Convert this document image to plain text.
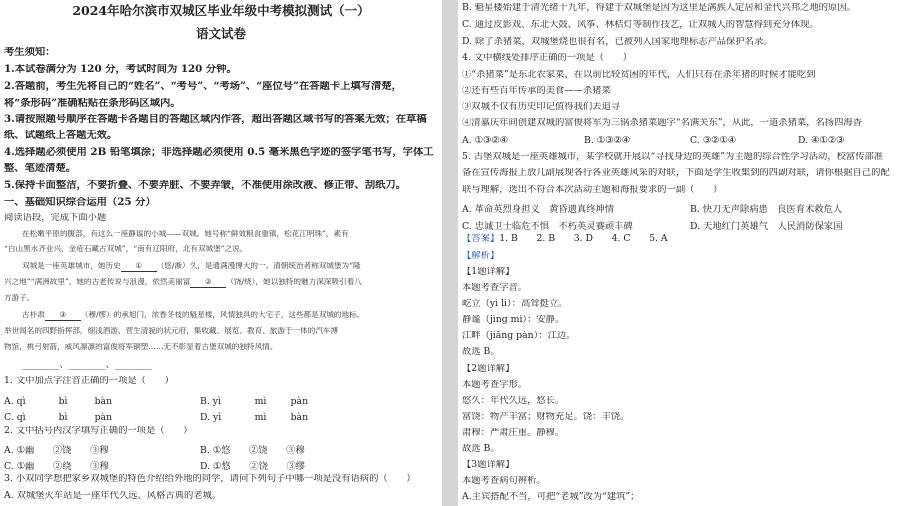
2024年哈尔滨市双城区毕业年级中考模拟测试（一）
语文试卷
考生须知：
1.本试卷满分为 120 分，考试时间为 120 分钟。
2.答题前，考生先将自己的“姓名”、“考号”、“考场”、“座位号”在答题卡上填写清楚，
将“条形码”准确粘贴在条形码区域内。
3.请按照题号顺序在答题卡各题目的答题区域内作答，超出答题区域书写的答案无效；在草稿
纸、试题纸上答题无效。
4.选择题必须使用 2B 铅笔填涂；非选择题必须使用 0.5 毫米黑色字迹的签字笔书写，字体工
整、笔迹清楚。
5.保持卡面整洁，不要折叠、不要弄脏、不要弄皱，不准使用涂改液、修正带、刮纸刀。
一、基础知识综合运用（25 分）
阅读语段，完成下面小题
在松嫩平原的腹部，有这么一座静谧的小城——双城。她号称“鲜效粮食重镇，松花江明珠”，素有
“白山黑水齐业兴，金疮石藏古双城”，“南有辽阳府，北有双城堡”之说。
双城是一座英雄城市，她历史 ① （悠/渐）久，是通满漫博大的一。清朝统治者称双城堡为“隆
兴之地”“满洲故里”，她的古老传说与浪漫，依然美丽富 ② （饶/绕），她以独特的魅力深深吸引着八
方游子。
古朴肃 ③ （穆/缪）的承旭门，浓香冬枝的魁星楼，风情独具的大宅子，这些都是双城的地标。
举世闻名的四野指挥部，细浅酒游、营生清貌的状元府，集收藏、展览、教育、旅游于一体的汽车博
物馆，桃弓射箭，威风凛凛的富俊将军铜塑……无不彰显着古堡双城的独特风情。
________、________、________
1. 文中加点字注音正确的一项是（　　）
A. qì　　	bì	bàn	B. yì　　	mì	pàn
C. qì　　	bì	pàn	D. yì　　	mì	bàn
2. 文中括号内汉字填写正确的一项是（　　）
A. ①幽　　 ②饶　　 ③穆	B. ①悠　　 ②饶　　 ③穆
C. ①幽　　 ②绕　　 ③穆	D. ①悠　　 ②饶　　 ③缪
3. 小双同学想把家乡双城堡的特色介绍给外地的同学，请问下列句子中哪一项是没有语病的（　　）
A. 双城堡火车站是一座年代久远、风格古典的老城。
B. 魁星楼始建于清光绪十九年，得建于双城堡是因为这里是满族人定居和金代兴邦之地的原因。
C. 通过皮影戏、东北大鼓、风筝、林桔灯等制作技艺，让双城人的智慧得到充分体现。
D. 除了杀猪菜，双城堡烧也很有名，已被列入国家地理标志产品保护名录。
4. 文中横线处排序正确的一项是（　　）
①“杀猪菜”是东北农家菜，在以前比较贫困的年代，人们只有在杀年猪的时候才能吃到
②还有些百年传承的美食——杀猪菜
③双城不仅有历史印记值得我们去追寻
④清嘉庆年间创建双城的富俊将军为三锅杀猪菜题字“名满关东”，从此，一道杀猪菜，名扬四海香
A. ①③②④	B. ①③②④	C. ③②①④	D. ④①②③
5. 古堡双城是一座英雄城市，某学校就开展以“寻找身边的英雄”为主题的综合性学习活动，校富传部准
备在宣传海报上放几副展现各行各业英雄风采的对联，下面是学生收集到的四副对联，请你根据自己的配
联与理解，选出不符合本次活动主题和海报要求的一副（　　）
A. 革命英烈身担义　 黄昏遗真终坤情	B. 快刀无声除病患　 良医育术救危人
C. 忠诚卫士临危不惧　 不朽英灵赛顽丰碑	D. 天地红门英雄气　 人民消防保家国
【答案】1. B　　2. B　　3. D　　4. C　　5. A
【解析】
【1题详解】
本题考查字音。
屹立（yì lì）：高耸挺立。
静谧（jìng mì）：安静。
江畔（jiāng pàn）：江边。
故选 B。
【2题详解】
本题考查字形。
悠久：年代久远，悠长。
富饶：物产丰富；财物充足。饶：丰饶。
肃穆：严肃庄重。静穆。
故选 B。
【3题详解】
本题考查病句辨析。
A.主宾搭配不当，可把“老城”改为“建筑”；
